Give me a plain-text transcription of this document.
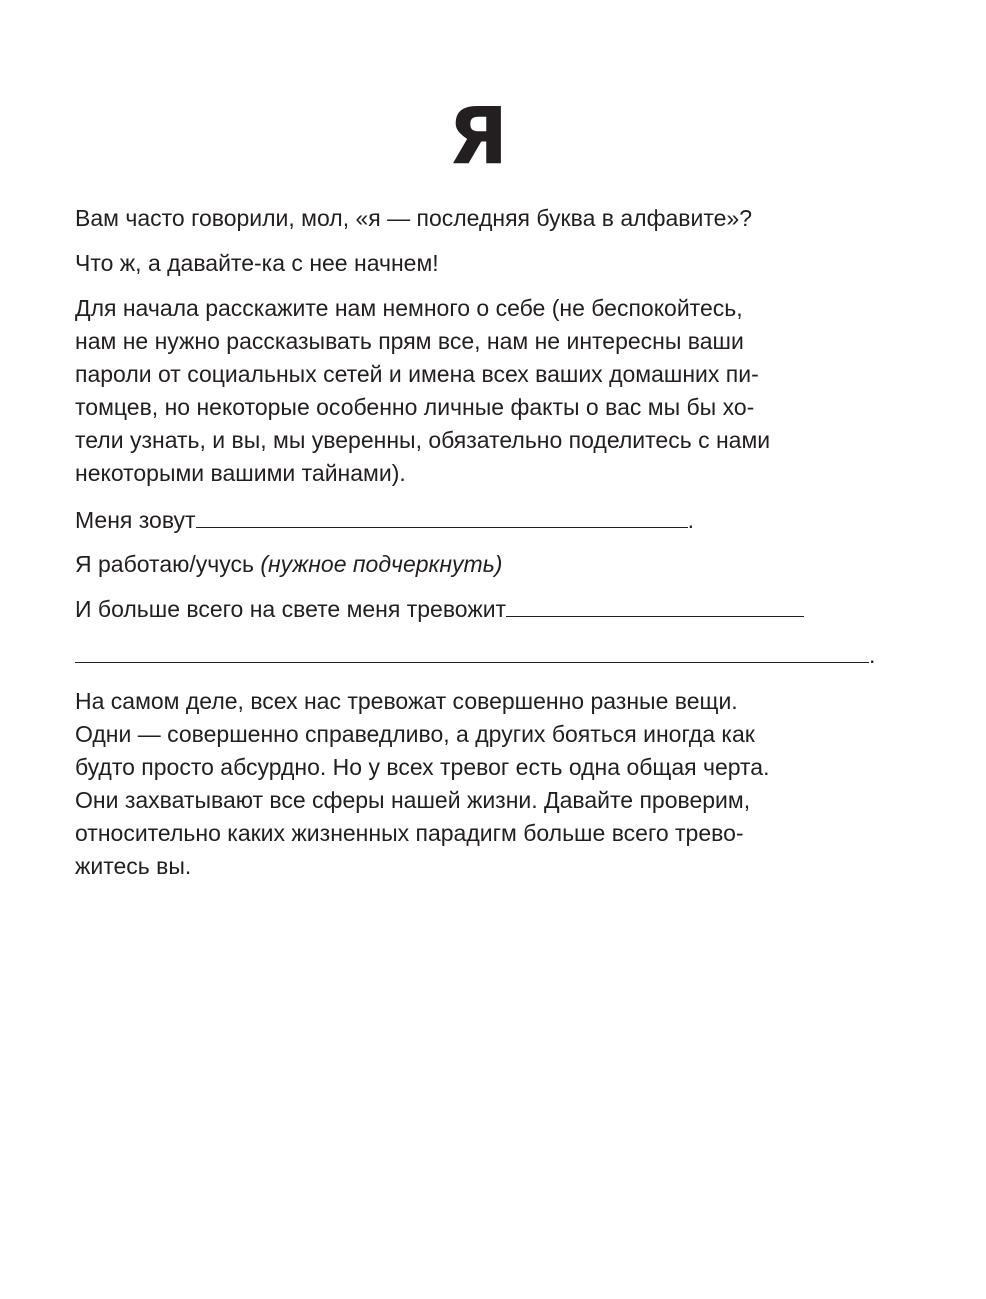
Я

Вам часто говорили, мол, «я — последняя буква в алфавите»?

Что ж, а давайте-ка с нее начнем!

Для начала расскажите нам немного о себе (не беспокойтесь,
нам не нужно рассказывать прям все, нам не интересны ваши
пароли от социальных сетей и имена всех ваших домашних пи-
томцев, но некоторые особенно личные факты о вас мы бы хо-
тели узнать, и вы, мы уверенны, обязательно поделитесь с нами
некоторыми вашими тайнами).

Меня зовут	.

Я работаю/учусь (нужное подчеркнуть)

И больше всего на свете меня тревожит

.

На самом деле, всех нас тревожат совершенно разные вещи.
Одни — совершенно справедливо, а других бояться иногда как
будто просто абсурдно. Но у всех тревог есть одна общая черта.
Они захватывают все сферы нашей жизни. Давайте проверим,
относительно каких жизненных парадигм больше всего трево-
житесь вы.
